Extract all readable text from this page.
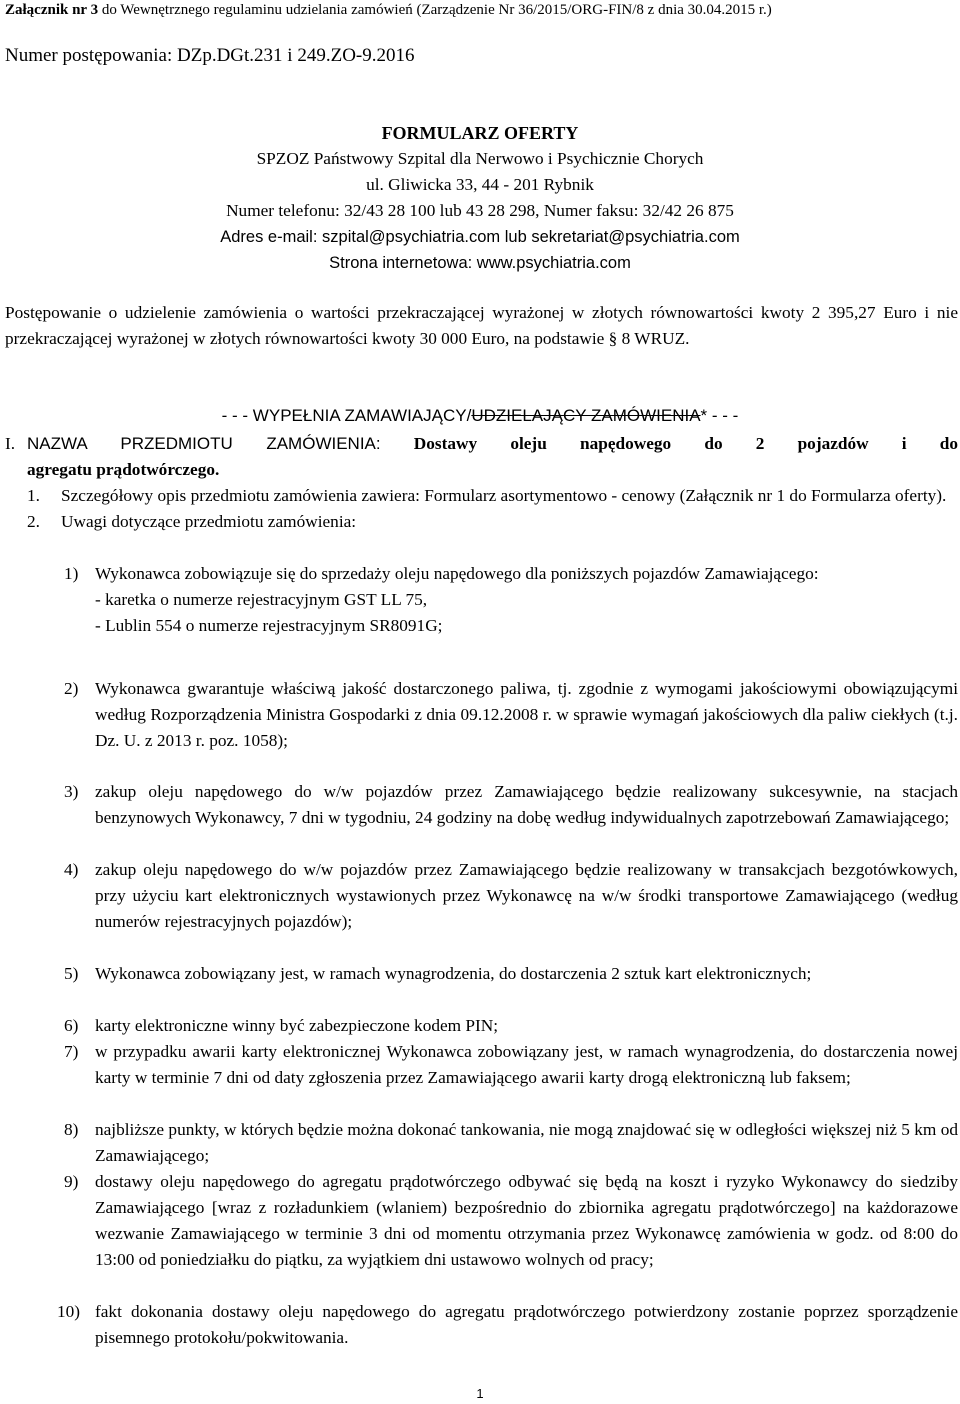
Załącznik nr 3 do Wewnętrznego regulaminu udzielania zamówień (Zarządzenie Nr 36/2015/ORG-FIN/8 z dnia 30.04.2015 r.)
Numer postępowania: DZp.DGt.231 i 249.ZO-9.2016
FORMULARZ OFERTY
SPZOZ Państwowy Szpital dla Nerwowo i Psychicznie Chorych
ul. Gliwicka 33, 44 - 201 Rybnik
Numer telefonu: 32/43 28 100 lub 43 28 298, Numer faksu: 32/42 26 875
Adres e-mail: szpital@psychiatria.com lub sekretariat@psychiatria.com
Strona internetowa: www.psychiatria.com

Postępowanie o udzielenie zamówienia o wartości przekraczającej wyrażonej w złotych równowartości kwoty 2 395,27 Euro i nie przekraczającej wyrażonej w złotych równowartości kwoty 30 000 Euro, na podstawie § 8 WRUZ.

- - - WYPEŁNIA ZAMAWIAJĄCY/UDZIELAJĄCY ZAMÓWIENIA* - - -
I. NAZWA PRZEDMIOTU ZAMÓWIENIA: Dostawy oleju napędowego do 2 pojazdów i do
agregatu prądotwórczego.
1.	Szczegółowy opis przedmiotu zamówienia zawiera: Formularz asortymentowo - cenowy (Załącznik nr 1 do Formularza oferty).
2.	Uwagi dotyczące przedmiotu zamówienia:
1) Wykonawca zobowiązuje się do sprzedaży oleju napędowego dla poniższych pojazdów Zamawiającego:
- karetka o numerze rejestracyjnym GST LL 75,
- Lublin 554 o numerze rejestracyjnym SR8091G;
2) Wykonawca gwarantuje właściwą jakość dostarczonego paliwa, tj. zgodnie z wymogami jakościowymi obowiązującymi według Rozporządzenia Ministra Gospodarki z dnia 09.12.2008 r. w sprawie wymagań jakościowych dla paliw ciekłych (t.j. Dz. U. z 2013 r. poz. 1058);
3) zakup oleju napędowego do w/w pojazdów przez Zamawiającego będzie realizowany sukcesywnie, na stacjach benzynowych Wykonawcy, 7 dni w tygodniu, 24 godziny na dobę według indywidualnych zapotrzebowań Zamawiającego;
4) zakup oleju napędowego do w/w pojazdów przez Zamawiającego będzie realizowany w transakcjach bezgotówkowych, przy użyciu kart elektronicznych wystawionych przez Wykonawcę na w/w środki transportowe Zamawiającego (według numerów rejestracyjnych pojazdów);
5) Wykonawca zobowiązany jest, w ramach wynagrodzenia, do dostarczenia 2 sztuk kart elektronicznych;
6) karty elektroniczne winny być zabezpieczone kodem PIN;
7) w przypadku awarii karty elektronicznej Wykonawca zobowiązany jest, w ramach wynagrodzenia, do dostarczenia nowej karty w terminie 7 dni od daty zgłoszenia przez Zamawiającego awarii karty drogą elektroniczną lub faksem;
8) najbliższe punkty, w których będzie można dokonać tankowania, nie mogą znajdować się w odległości większej niż 5 km od Zamawiającego;
9) dostawy oleju napędowego do agregatu prądotwórczego odbywać się będą na koszt i ryzyko Wykonawcy do siedziby Zamawiającego [wraz z rozładunkiem (wlaniem) bezpośrednio do zbiornika agregatu prądotwórczego] na każdorazowe wezwanie Zamawiającego w terminie 3 dni od momentu otrzymania przez Wykonawcę zamówienia w godz. od 8:00 do 13:00 od poniedziałku do piątku, za wyjątkiem dni ustawowo wolnych od pracy;
10) fakt dokonania dostawy oleju napędowego do agregatu prądotwórczego potwierdzony zostanie poprzez sporządzenie pisemnego protokołu/pokwitowania.
1
